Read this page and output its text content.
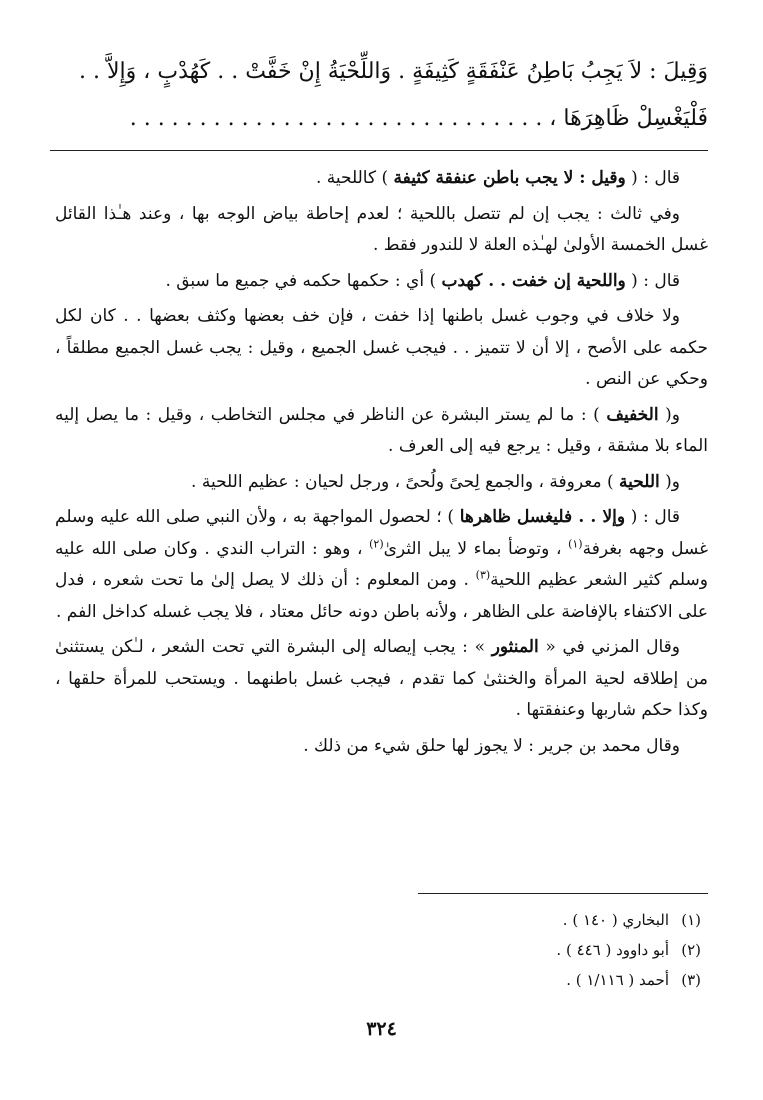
وَقِيلَ : لاَ يَجِبُ بَاطِنُ عَنْفَقَةٍ كَثِيفَةٍ . وَاللِّحْيَةُ إِنْ خَفَّتْ . . كَهُدْبٍ ، وَإِلاَّ . .
فَلْيَغْسِلْ ظَاهِرَهَا ، . . . . . . . . . . . . . . . . . . . . . . . . . . . . . .

قال : ( وقيل : لا يجب باطن عنفقة كثيفة ) كاللحية .

وفي ثالث : يجب إن لم تتصل باللحية ؛ لعدم إحاطة بياض الوجه بها ، وعند هـٰذا القائل غسل الخمسة الأولىٰ لهـٰذه العلة لا للندور فقط .

قال : ( واللحية إن خفت . . كهدب ) أي : حكمها حكمه في جميع ما سبق .

ولا خلاف في وجوب غسل باطنها إذا خفت ، فإن خف بعضها وكثف بعضها . . كان لكل حكمه على الأصح ، إلا أن لا تتميز . . فيجب غسل الجميع ، وقيل : يجب غسل الجميع مطلقاً ، وحكي عن النص .

و( الخفيف ) : ما لم يستر البشرة عن الناظر في مجلس التخاطب ، وقيل : ما يصل إليه الماء بلا مشقة ، وقيل : يرجع فيه إلى العرف .

و( اللحية ) معروفة ، والجمع لِحىً ولُحىً ، ورجل لحيان : عظيم اللحية .

قال : ( وإلا . . فليغسل ظاهرها ) ؛ لحصول المواجهة به ، ولأن النبي صلى الله عليه وسلم غسل وجهه بغرفة$^{(١)}$ ، وتوضأ بماء لا يبل الثرىٰ$^{(٢)}$ ، وهو : التراب الندي . وكان صلى الله عليه وسلم كثير الشعر عظيم اللحية$^{(٣)}$ . ومن المعلوم : أن ذلك لا يصل إلىٰ ما تحت شعره ، فدل على الاكتفاء بالإفاضة على الظاهر ، ولأنه باطن دونه حائل معتاد ، فلا يجب غسله كداخل الفم .

وقال المزني في « المنثور » : يجب إيصاله إلى البشرة التي تحت الشعر ، لـٰكن يستثنىٰ من إطلاقه لحية المرأة والخنثىٰ كما تقدم ، فيجب غسل باطنهما . ويستحب للمرأة حلقها ، وكذا حكم شاربها وعنفقتها .

وقال محمد بن جرير : لا يجوز لها حلق شيء من ذلك .

(١)البخاري ( ١٤٠ ) .
(٢)أبو داوود ( ٤٤٦ ) .
(٣)أحمد ( ١/١١٦ ) .
٣٢٤
